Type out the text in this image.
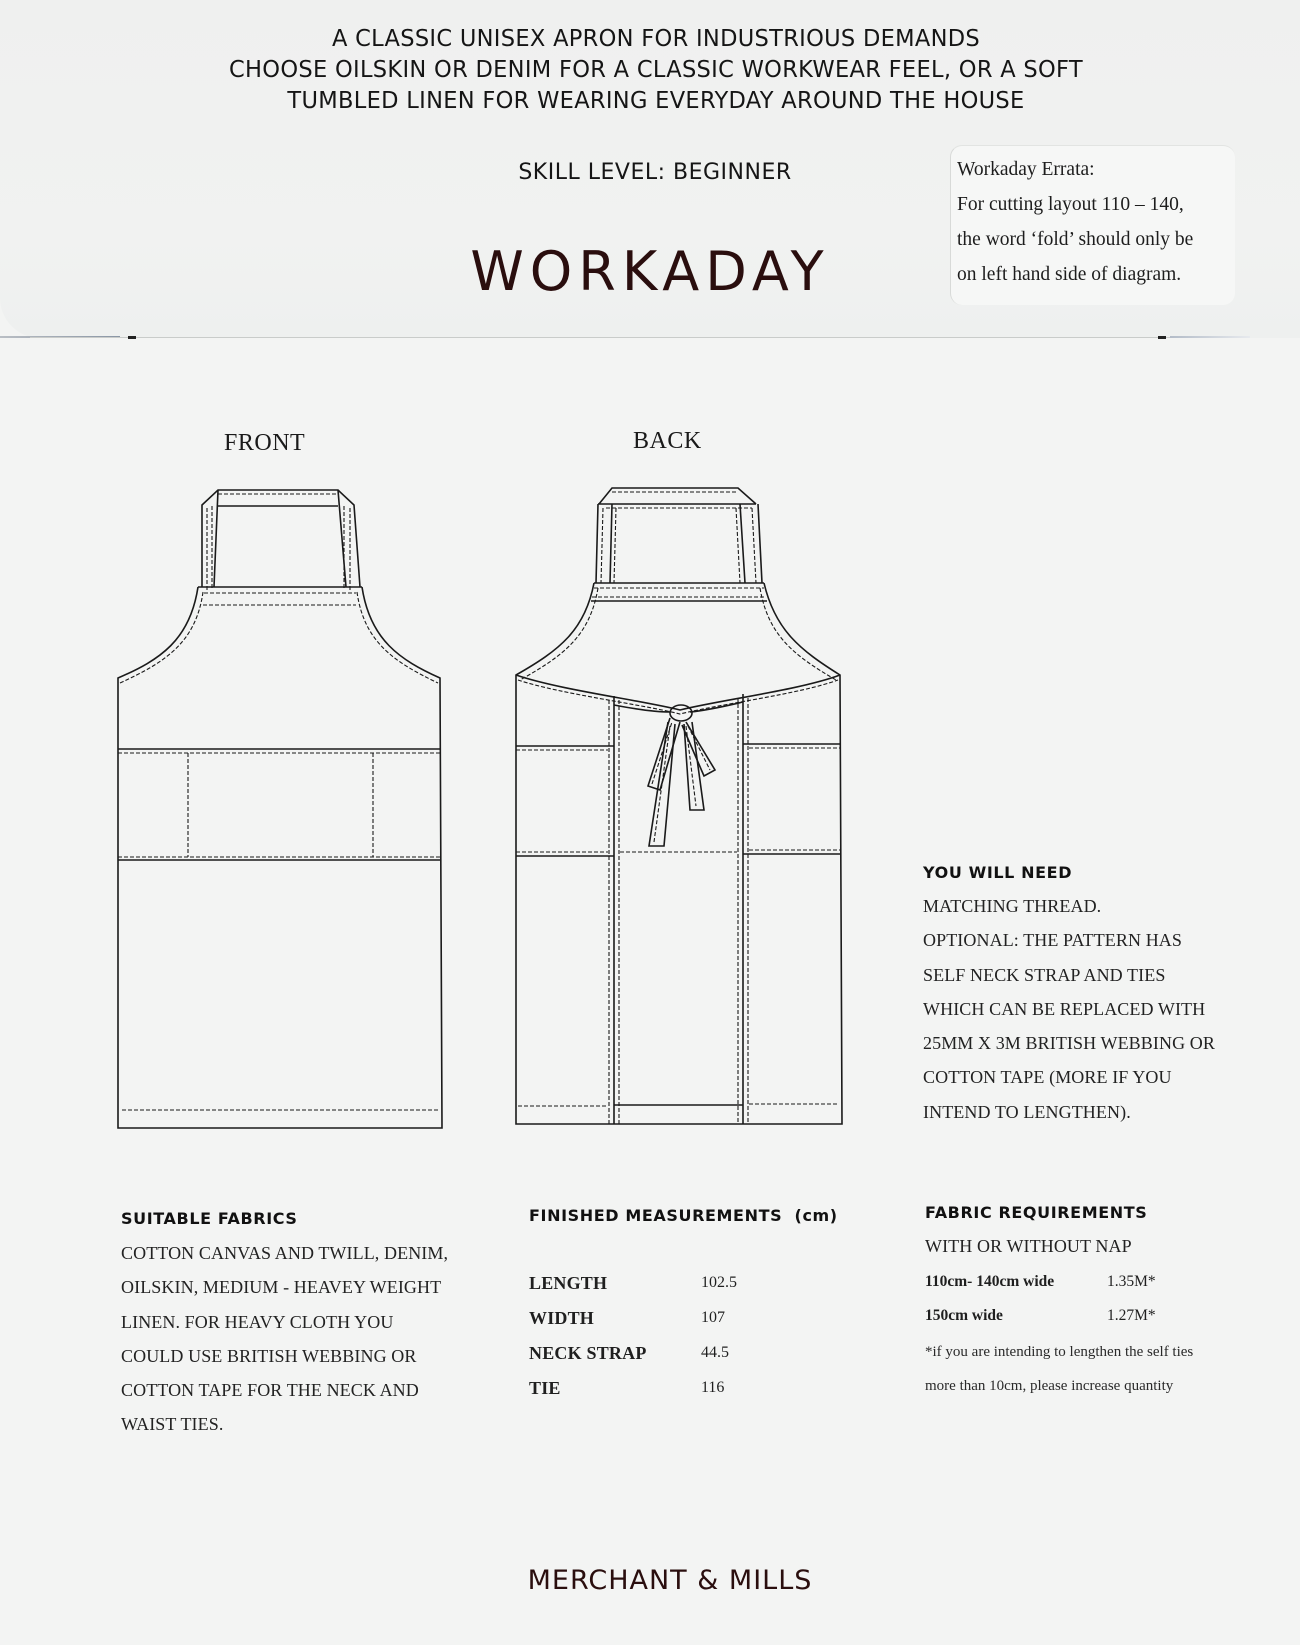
A CLASSIC UNISEX APRON FOR INDUSTRIOUS DEMANDS
CHOOSE OILSKIN OR DENIM FOR A CLASSIC WORKWEAR FEEL, OR A SOFT
TUMBLED LINEN FOR WEARING EVERYDAY AROUND THE HOUSE
SKILL LEVEL: BEGINNER
WORKADAY
Workaday Errata:
For cutting layout 110 – 140,
the word ‘fold’ should only be
on left hand side of diagram.
FRONT	BACK
YOU WILL NEED
MATCHING THREAD.
OPTIONAL: THE PATTERN HAS
SELF NECK STRAP AND TIES
WHICH CAN BE REPLACED WITH
25MM X 3M BRITISH WEBBING OR
COTTON TAPE (MORE IF YOU
INTEND TO LENGTHEN).
SUITABLE FABRICS
COTTON CANVAS AND TWILL, DENIM,
OILSKIN, MEDIUM - HEAVEY WEIGHT
LINEN. FOR HEAVY CLOTH YOU
COULD USE BRITISH WEBBING OR
COTTON TAPE FOR THE NECK AND
WAIST TIES.
FINISHED MEASUREMENTS  (cm)
LENGTH	102.5
WIDTH	107
NECK STRAP	44.5
TIE	116
FABRIC REQUIREMENTS
WITH OR WITHOUT NAP
110cm- 140cm wide	1.35M*
150cm wide	1.27M*
*if you are intending to lengthen the self ties
more than 10cm, please increase quantity
MERCHANT & MILLS
